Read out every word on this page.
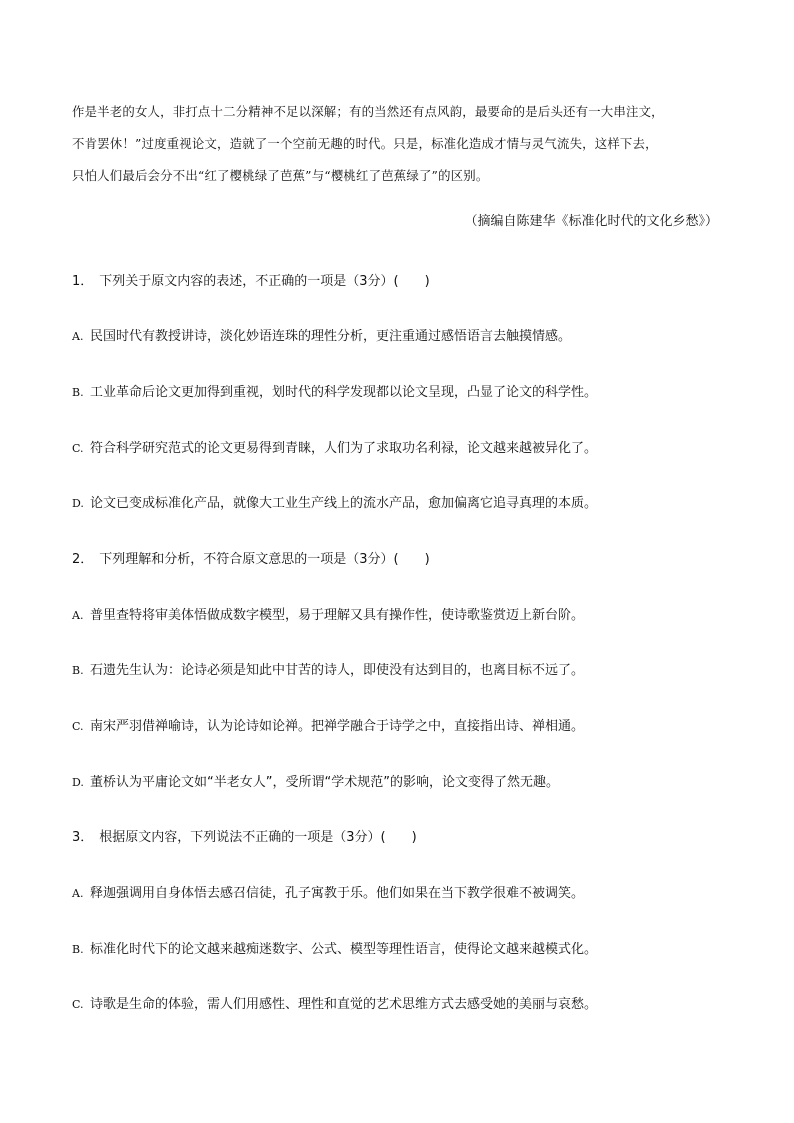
作是半老的女人，非打点十二分精神不足以深解；有的当然还有点风韵，最要命的是后头还有一大串注文，

不肯罢休！”过度重视论文，造就了一个空前无趣的时代。只是，标准化造成才情与灵气流失，这样下去，

只怕人们最后会分不出“红了樱桃绿了芭蕉”与“樱桃红了芭蕉绿了”的区别。

（摘编自陈建华《标准化时代的文化乡愁》）

1． 下列关于原文内容的表述，不正确的一项是（3分）(　　)

A. 民国时代有教授讲诗，淡化妙语连珠的理性分析，更注重通过感悟语言去触摸情感。

B. 工业革命后论文更加得到重视，划时代的科学发现都以论文呈现，凸显了论文的科学性。

C. 符合科学研究范式的论文更易得到青睐，人们为了求取功名利禄，论文越来越被异化了。

D. 论文已变成标准化产品，就像大工业生产线上的流水产品，愈加偏离它追寻真理的本质。

2． 下列理解和分析，不符合原文意思的一项是（3分）(　　)

A. 普里查特将审美体悟做成数字模型，易于理解又具有操作性，使诗歌鉴赏迈上新台阶。

B. 石遗先生认为：论诗必须是知此中甘苦的诗人，即使没有达到目的，也离目标不远了。

C. 南宋严羽借禅喻诗，认为论诗如论禅。把禅学融合于诗学之中，直接指出诗、禅相通。

D. 董桥认为平庸论文如“半老女人”，受所谓“学术规范”的影响，论文变得了然无趣。

3． 根据原文内容，下列说法不正确的一项是（3分）(　　)

A. 释迦强调用自身体悟去感召信徒，孔子寓教于乐。他们如果在当下教学很难不被调笑。

B. 标准化时代下的论文越来越痴迷数字、公式、模型等理性语言，使得论文越来越模式化。

C. 诗歌是生命的体验，需人们用感性、理性和直觉的艺术思维方式去感受她的美丽与哀愁。
